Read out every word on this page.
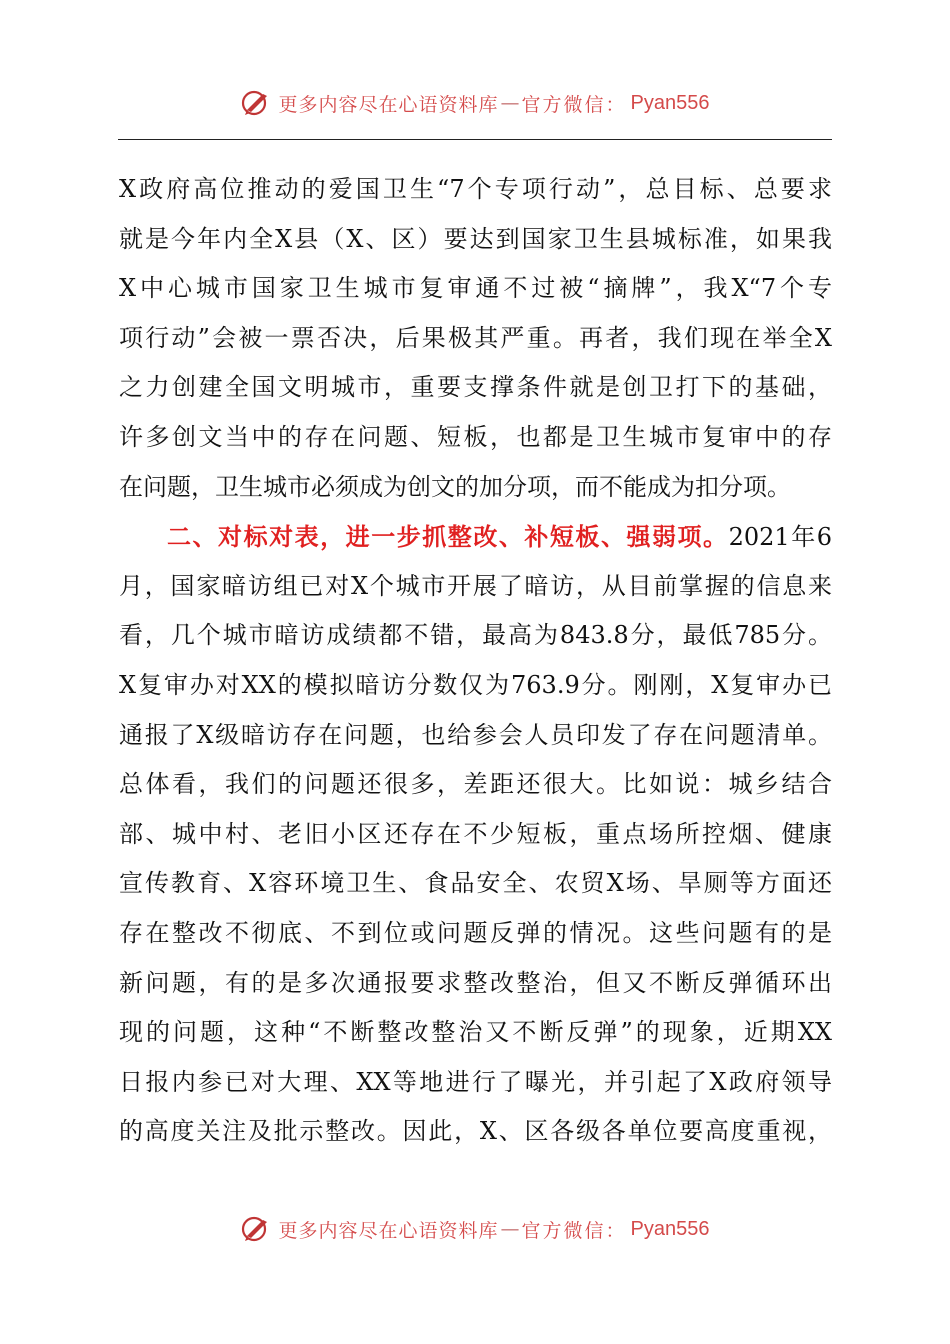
更多内容尽在心语资料库 — 官方微信： Pyan556
X政府高位推动的爱国卫生“7个专项行动”，总目标、总要求
就是今年内全X县（X、区）要达到国家卫生县城标准，如果我
X中心城市国家卫生城市复审通不过被“摘牌”，我X“7个专
项行动”会被一票否决，后果极其严重。再者，我们现在举全X
之力创建全国文明城市，重要支撑条件就是创卫打下的基础，
许多创文当中的存在问题、短板，也都是卫生城市复审中的存
在问题，卫生城市必须成为创文的加分项，而不能成为扣分项。
二、对标对表，进一步抓整改、补短板、强弱项。2021年6
月，国家暗访组已对X个城市开展了暗访，从目前掌握的信息来
看，几个城市暗访成绩都不错，最高为843.8分，最低785分。
X复审办对XX的模拟暗访分数仅为763.9分。刚刚，X复审办已
通报了X级暗访存在问题，也给参会人员印发了存在问题清单。
总体看，我们的问题还很多，差距还很大。比如说：城乡结合
部、城中村、老旧小区还存在不少短板，重点场所控烟、健康
宣传教育、X容环境卫生、食品安全、农贸X场、旱厕等方面还
存在整改不彻底、不到位或问题反弹的情况。这些问题有的是
新问题，有的是多次通报要求整改整治，但又不断反弹循环出
现的问题，这种“不断整改整治又不断反弹”的现象，近期XX
日报内参已对大理、XX等地进行了曝光，并引起了X政府领导
的高度关注及批示整改。因此，X、区各级各单位要高度重视，
更多内容尽在心语资料库 — 官方微信： Pyan556
